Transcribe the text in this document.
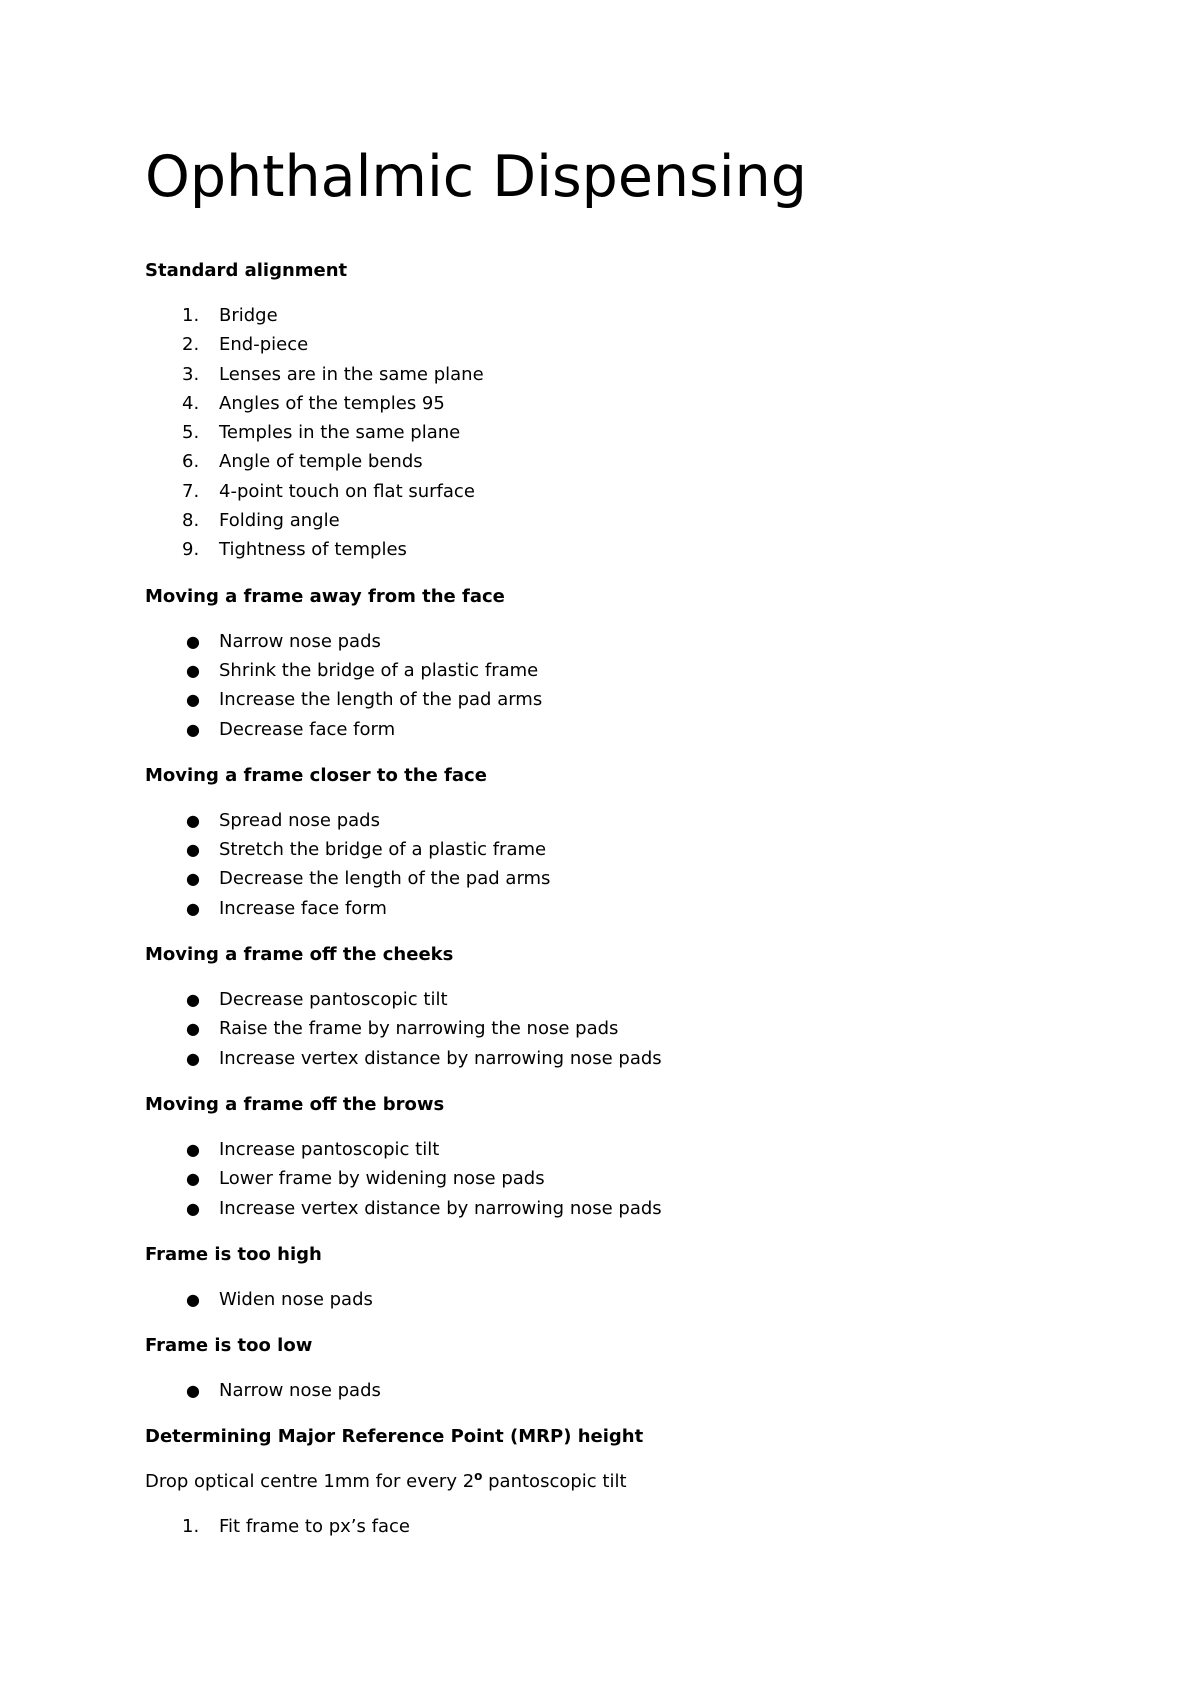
Ophthalmic Dispensing

Standard alignment

1. Bridge
2. End-piece
3. Lenses are in the same plane
4. Angles of the temples 95
5. Temples in the same plane
6. Angle of temple bends
7. 4-point touch on flat surface
8. Folding angle
9. Tightness of temples

Moving a frame away from the face

● Narrow nose pads
● Shrink the bridge of a plastic frame
● Increase the length of the pad arms
● Decrease face form

Moving a frame closer to the face

● Spread nose pads
● Stretch the bridge of a plastic frame
● Decrease the length of the pad arms
● Increase face form

Moving a frame off the cheeks

● Decrease pantoscopic tilt
● Raise the frame by narrowing the nose pads
● Increase vertex distance by narrowing nose pads

Moving a frame off the brows

● Increase pantoscopic tilt
● Lower frame by widening nose pads
● Increase vertex distance by narrowing nose pads

Frame is too high

● Widen nose pads

Frame is too low

● Narrow nose pads

Determining Major Reference Point (MRP) height

Drop optical centre 1mm for every 2$^o$ pantoscopic tilt

1. Fit frame to px’s face
